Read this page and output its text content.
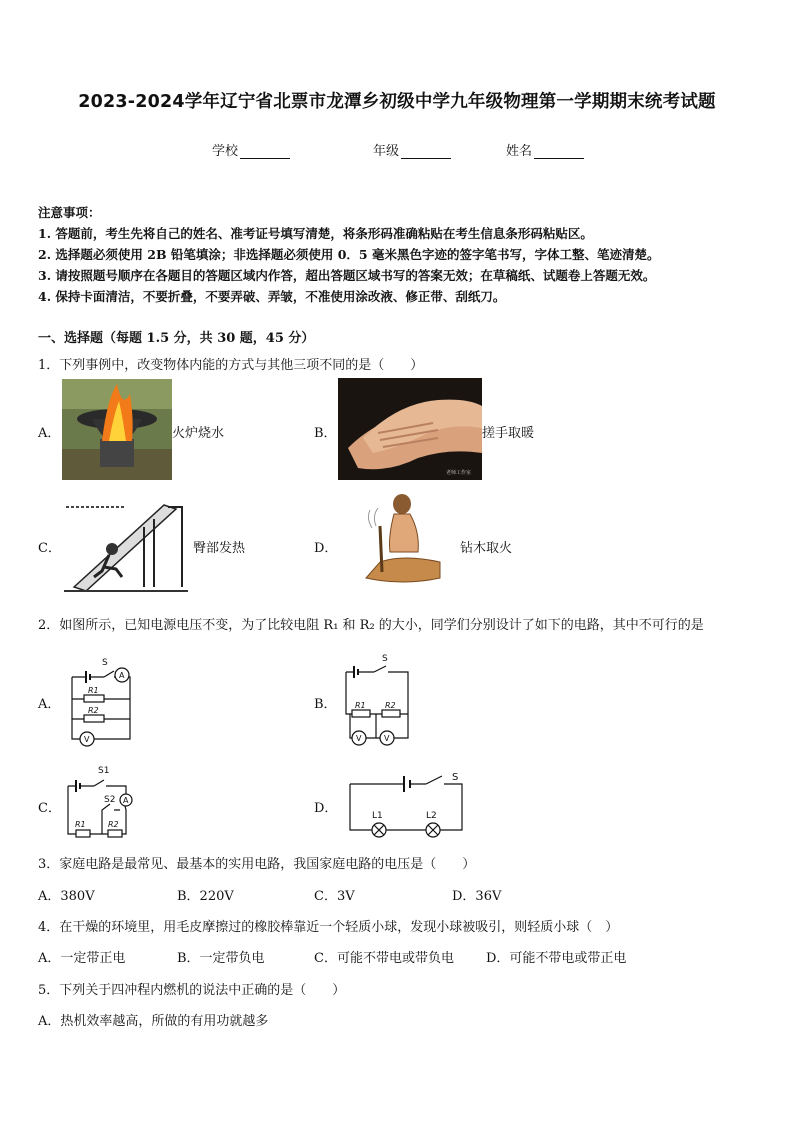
2023-2024学年辽宁省北票市龙潭乡初级中学九年级物理第一学期期末统考试题
学校	年级	姓名
注意事项：
1. 答题前，考生先将自己的姓名、准考证号填写清楚，将条形码准确粘贴在考生信息条形码粘贴区。
2. 选择题必须使用 2B 铅笔填涂；非选择题必须使用 0．5 毫米黑色字迹的签字笔书写，字体工整、笔迹清楚。
3. 请按照题号顺序在各题目的答题区域内作答，超出答题区域书写的答案无效；在草稿纸、试题卷上答题无效。
4. 保持卡面清洁，不要折叠，不要弄破、弄皱，不准使用涂改液、修正带、刮纸刀。
一、选择题（每题 1.5 分，共 30 题，45 分）
1．下列事例中，改变物体内能的方式与其他三项不同的是（　　）
A．	火炉烧水	B．
老师工作室
搓手取暖
C．	臀部发热	D．	钻木取火
2．如图所示，已知电源电压不变，为了比较电阻 R₁ 和 R₂ 的大小，同学们分别设计了如下的电路，其中不可行的是
A．
S
A
R1
R2
V
B．
S
R1 R2
V	V
C．
S1
S2 A
R1	R2
D．
S
L1	L2
3．家庭电路是最常见、最基本的实用电路，我国家庭电路的电压是（　　）
A．380V	B．220V	C．3V	D．36V
4．在干燥的环境里，用毛皮摩擦过的橡胶棒靠近一个轻质小球，发现小球被吸引，则轻质小球（　）
A．一定带正电	B．一定带负电	C．可能不带电或带负电 D．可能不带电或带正电
5．下列关于四冲程内燃机的说法中正确的是（　　）
A．热机效率越高，所做的有用功就越多
